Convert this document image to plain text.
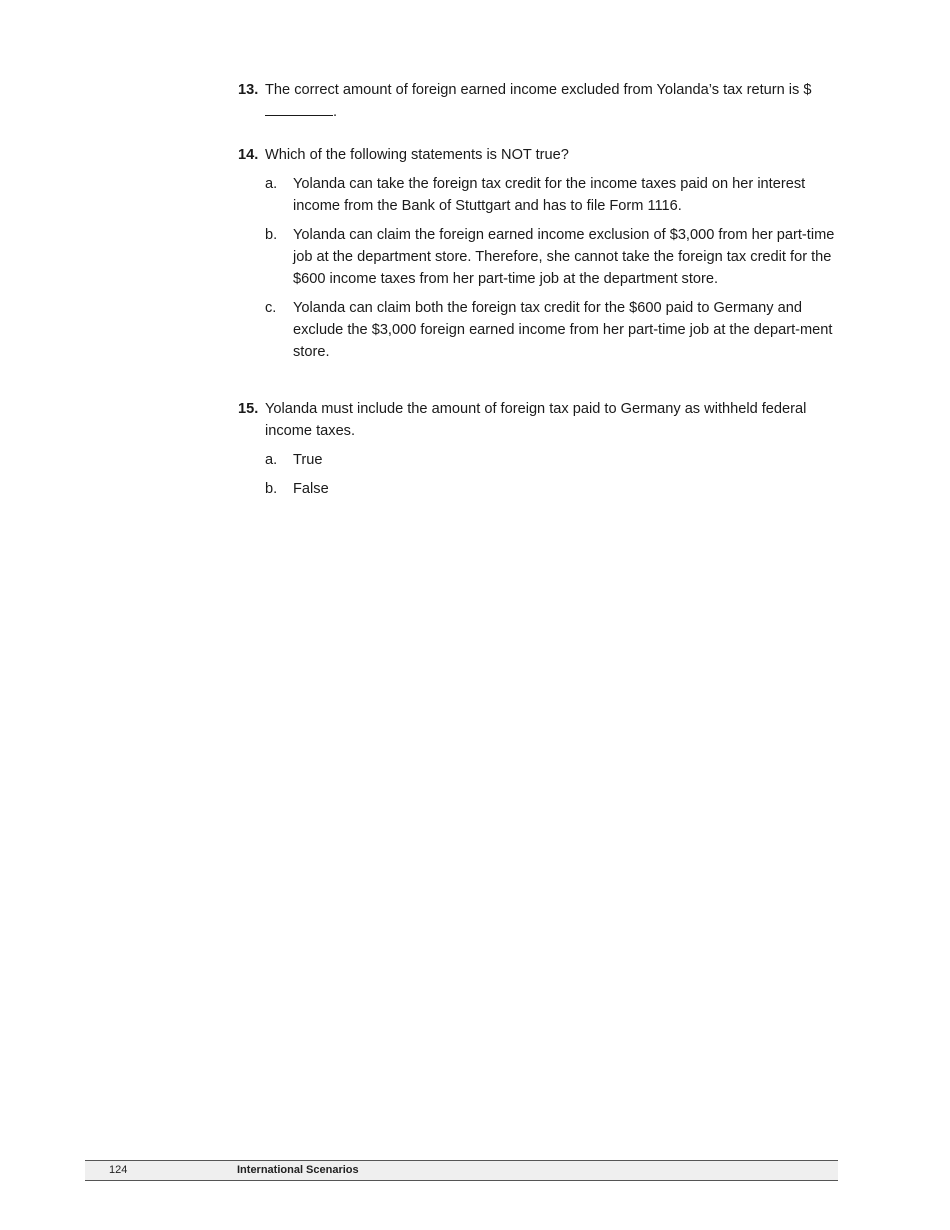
13. The correct amount of foreign earned income excluded from Yolanda’s tax return is $.
14. Which of the following statements is NOT true?
a. Yolanda can take the foreign tax credit for the income taxes paid on her interest income from the Bank of Stuttgart and has to file Form 1116.
b. Yolanda can claim the foreign earned income exclusion of $3,000 from her part-time job at the department store. Therefore, she cannot take the foreign tax credit for the $600 income taxes from her part-time job at the department store.
c. Yolanda can claim both the foreign tax credit for the $600 paid to Germany and exclude the $3,000 foreign earned income from her part-time job at the depart-ment store.
15. Yolanda must include the amount of foreign tax paid to Germany as withheld federal income taxes.
a. True
b. False
124	International Scenarios
